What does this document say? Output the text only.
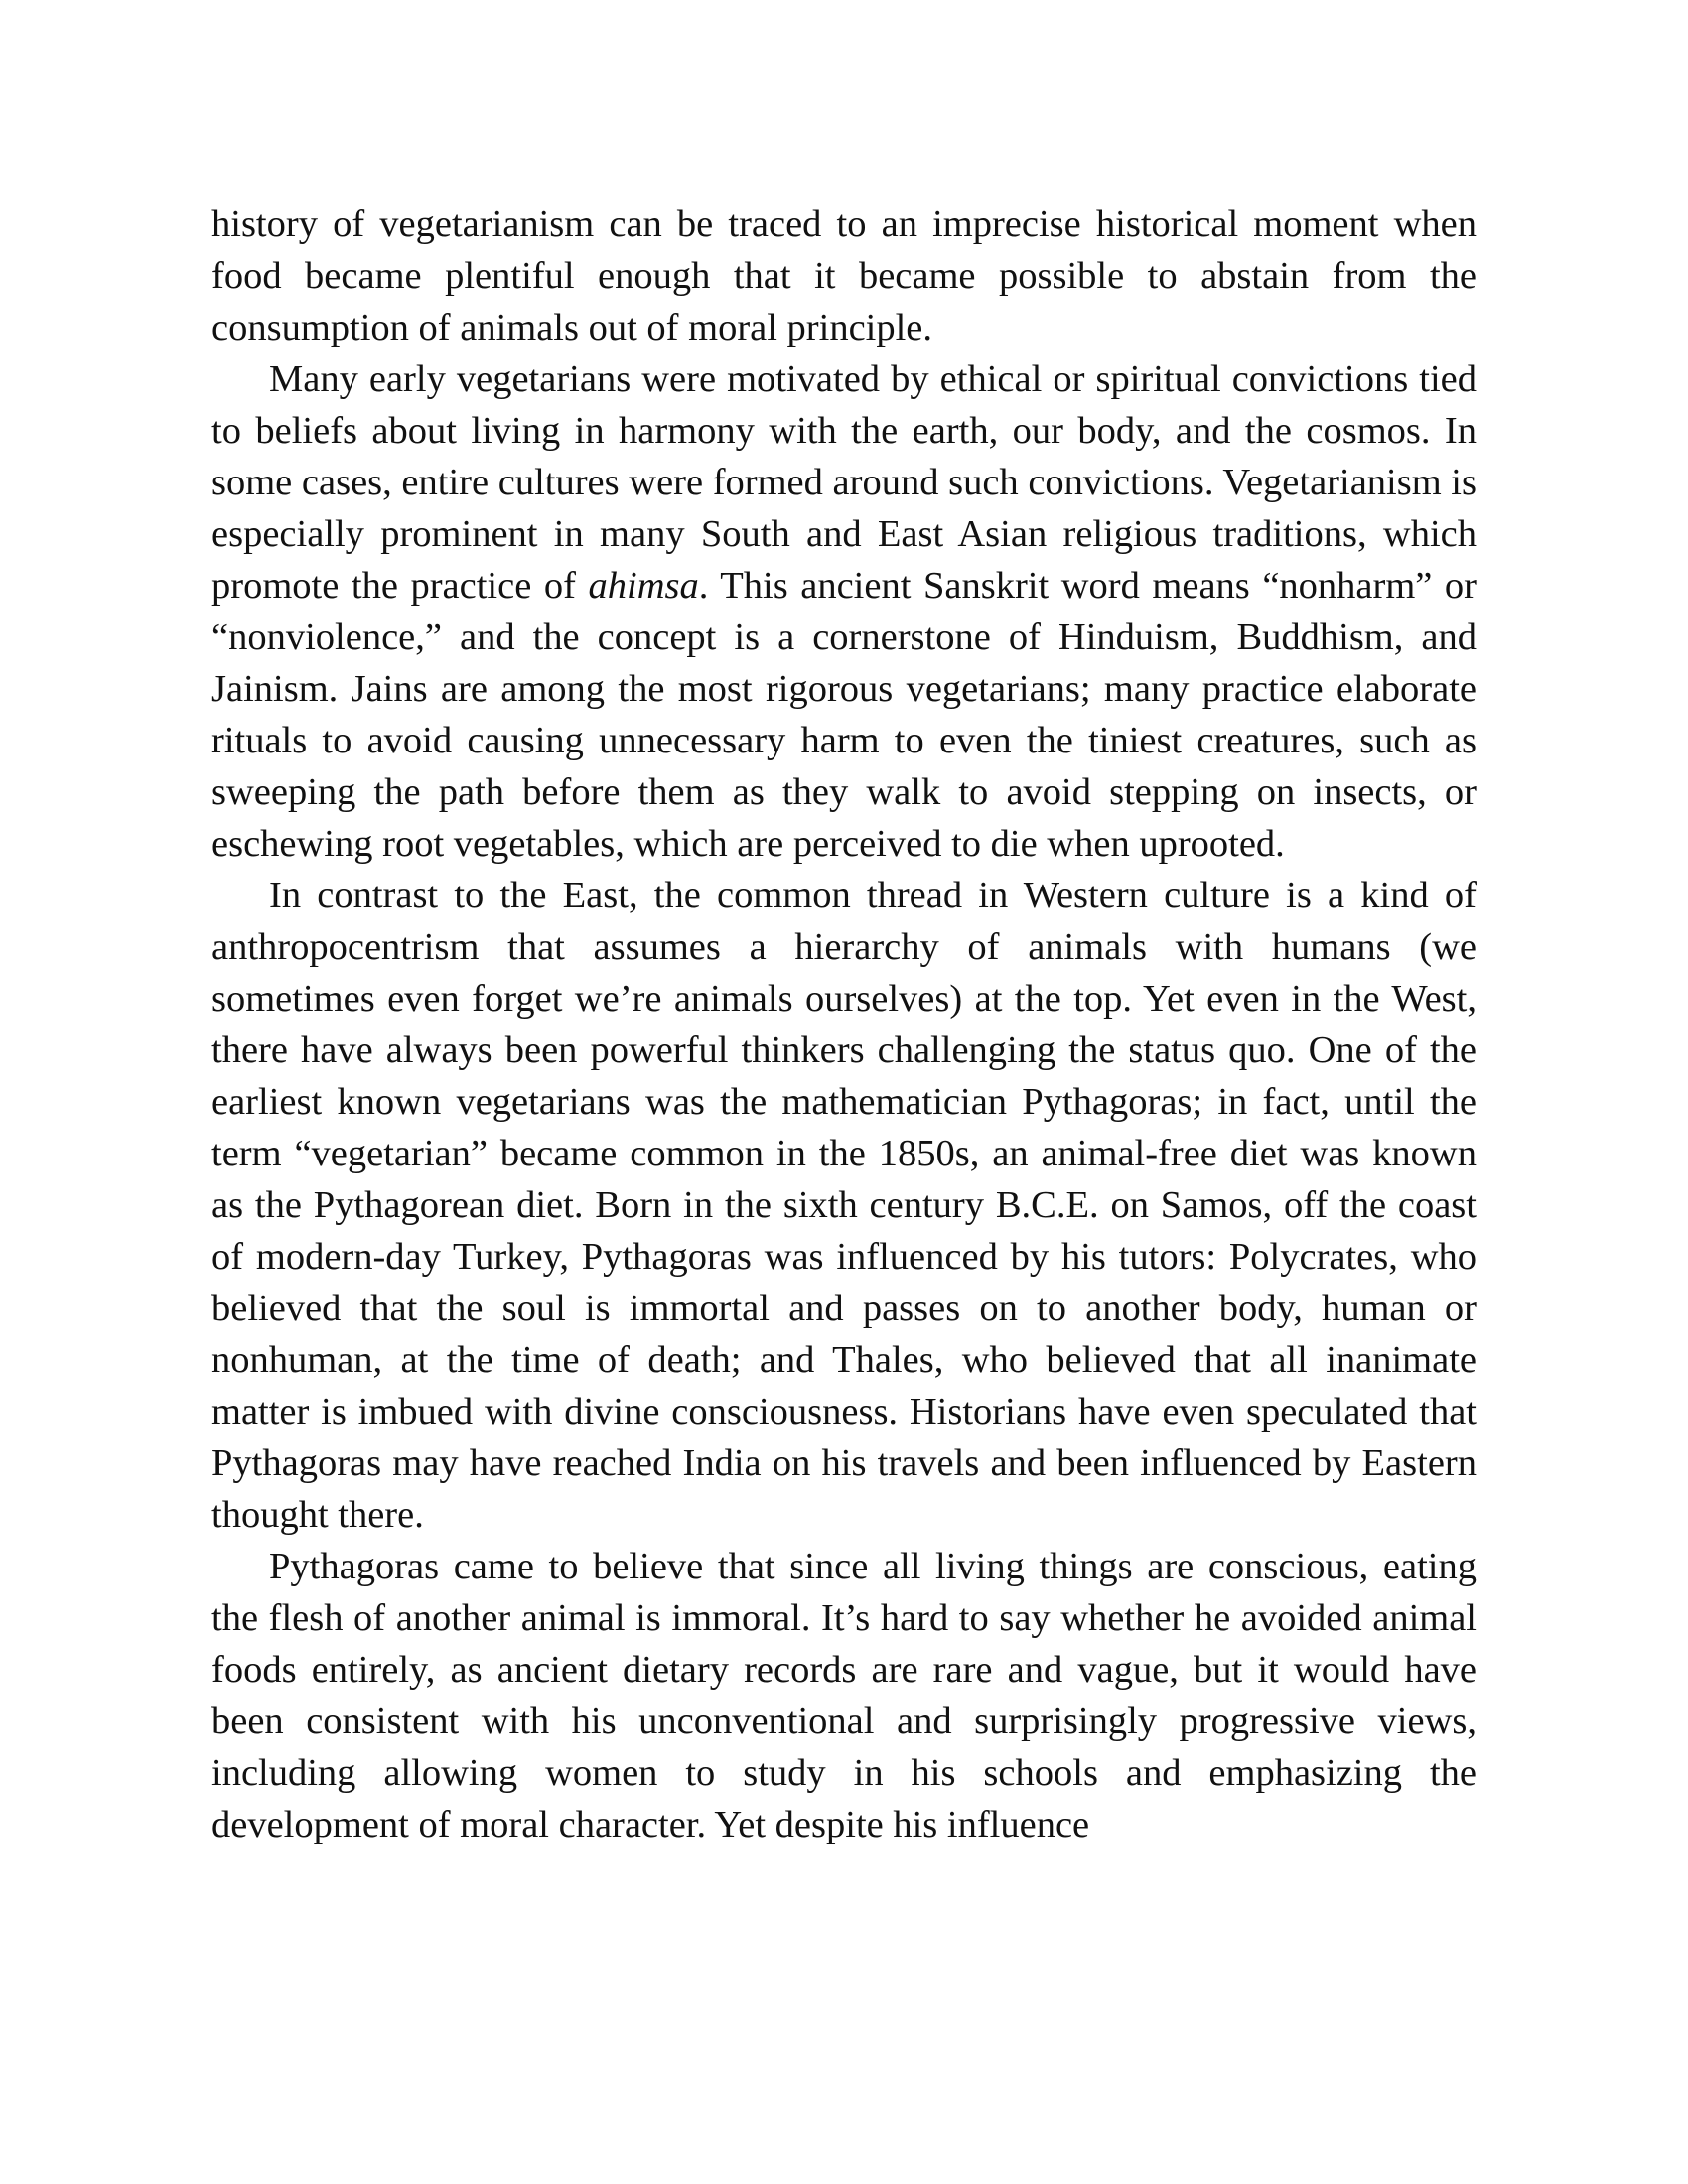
history of vegetarianism can be traced to an imprecise historical moment when food became plentiful enough that it became possible to abstain from the consumption of animals out of moral principle.

Many early vegetarians were motivated by ethical or spiritual convictions tied to beliefs about living in harmony with the earth, our body, and the cosmos. In some cases, entire cultures were formed around such convictions. Vegetarianism is especially prominent in many South and East Asian religious traditions, which promote the practice of ahimsa. This ancient Sanskrit word means “nonharm” or “nonviolence,” and the concept is a cornerstone of Hinduism, Buddhism, and Jainism. Jains are among the most rigorous vegetarians; many practice elaborate rituals to avoid causing unnecessary harm to even the tiniest creatures, such as sweeping the path before them as they walk to avoid stepping on insects, or eschewing root vegetables, which are perceived to die when uprooted.

In contrast to the East, the common thread in Western culture is a kind of anthropocentrism that assumes a hierarchy of animals with humans (we sometimes even forget we’re animals ourselves) at the top. Yet even in the West, there have always been powerful thinkers challenging the status quo. One of the earliest known vegetarians was the mathematician Pythagoras; in fact, until the term “vegetarian” became common in the 1850s, an animal-free diet was known as the Pythagorean diet. Born in the sixth century B.C.E. on Samos, off the coast of modern-day Turkey, Pythagoras was influenced by his tutors: Polycrates, who believed that the soul is immortal and passes on to another body, human or nonhuman, at the time of death; and Thales, who believed that all inanimate matter is imbued with divine consciousness. Historians have even speculated that Pythagoras may have reached India on his travels and been influenced by Eastern thought there.

Pythagoras came to believe that since all living things are conscious, eating the flesh of another animal is immoral. It’s hard to say whether he avoided animal foods entirely, as ancient dietary records are rare and vague, but it would have been consistent with his unconventional and surprisingly progressive views, including allowing women to study in his schools and emphasizing the development of moral character. Yet despite his influence
